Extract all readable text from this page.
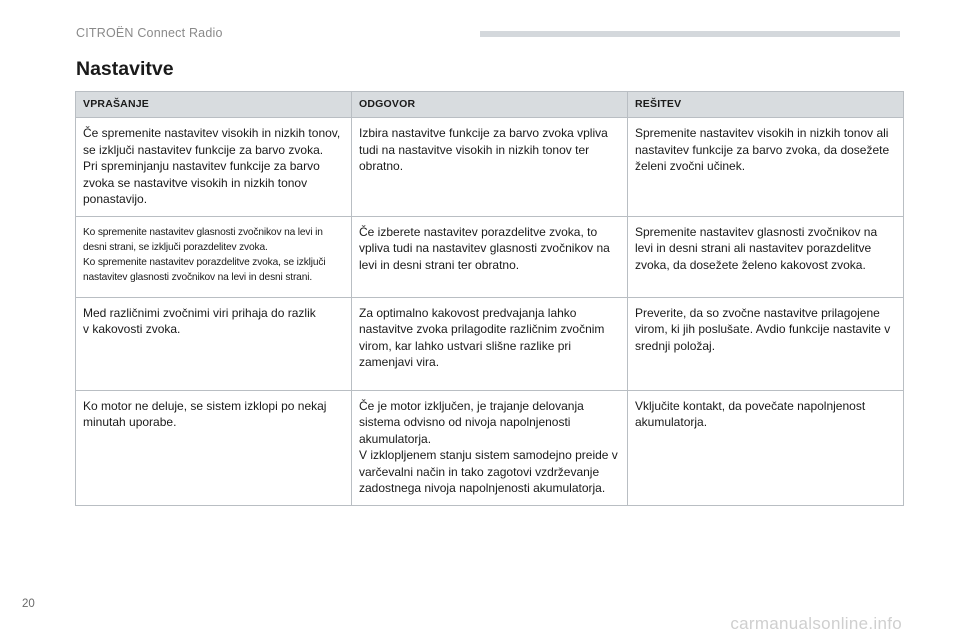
CITROËN Connect Radio
Nastavitve
VPRAŠANJE	ODGOVOR	REŠITEV

Če spremenite nastavitev visokih in nizkih tonov,
se izključi nastavitev funkcije za barvo zvoka.
Pri spreminjanju nastavitev funkcije za barvo zvoka se nastavitve visokih in nizkih tonov ponastavijo.	Izbira nastavitve funkcije za barvo zvoka vpliva tudi na nastavitve visokih in nizkih tonov ter obratno.	Spremenite nastavitev visokih in nizkih tonov ali nastavitev funkcije za barvo zvoka, da dosežete želeni zvočni učinek.

Ko spremenite nastavitev glasnosti zvočnikov na levi in desni strani, se izključi porazdelitev zvoka.
Ko spremenite nastavitev porazdelitve zvoka, se izključi nastavitev glasnosti zvočnikov na levi in desni strani.	Če izberete nastavitev porazdelitve zvoka, to vpliva tudi na nastavitev glasnosti zvočnikov na levi in desni strani ter obratno.	Spremenite nastavitev glasnosti zvočnikov na levi in desni strani ali nastavitev porazdelitve zvoka, da dosežete želeno kakovost zvoka.

Med različnimi zvočnimi viri prihaja do razlik
v kakovosti zvoka.	Za optimalno kakovost predvajanja lahko nastavitve zvoka prilagodite različnim zvočnim virom, kar lahko ustvari slišne razlike pri zamenjavi vira.	Preverite, da so zvočne nastavitve prilagojene virom, ki jih poslušate. Avdio funkcije nastavite v srednji položaj.

Ko motor ne deluje, se sistem izklopi po nekaj minutah uporabe.	Če je motor izključen, je trajanje delovanja sistema odvisno od nivoja napolnjenosti akumulatorja.
V izklopljenem stanju sistem samodejno preide v varčevalni način in tako zagotovi vzdrževanje zadostnega nivoja napolnjenosti akumulatorja.	Vključite kontakt, da povečate napolnjenost akumulatorja.
20
carmanualsonline.info
